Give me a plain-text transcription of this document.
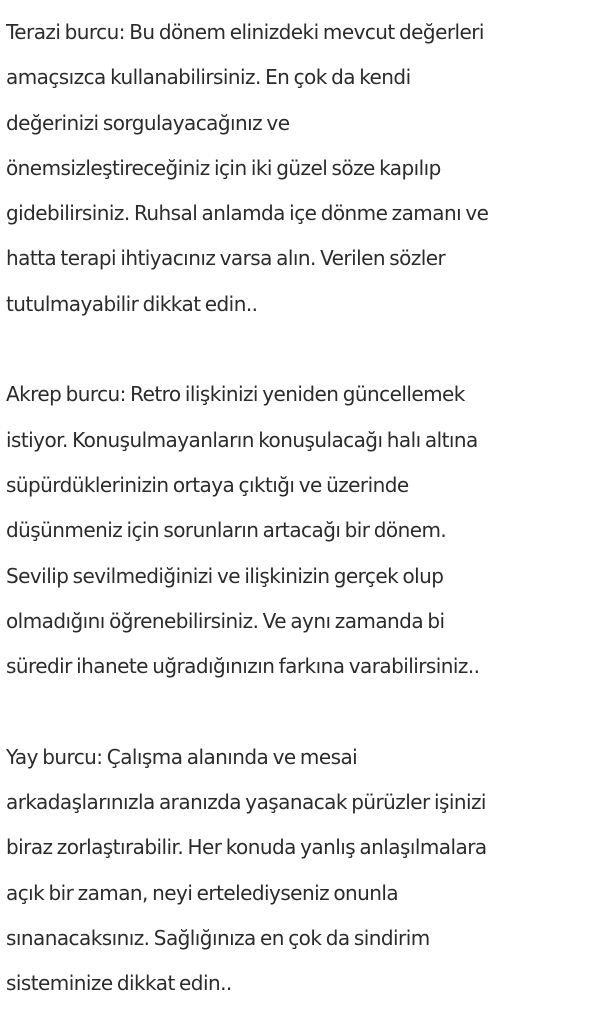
Terazi burcu: Bu dönem elinizdeki mevcut değerleri
amaçsızca kullanabilirsiniz. En çok da kendi
değerinizi sorgulayacağınız ve
önemsizleştireceğiniz için iki güzel söze kapılıp
gidebilirsiniz. Ruhsal anlamda içe dönme zamanı ve
hatta terapi ihtiyacınız varsa alın. Verilen sözler
tutulmayabilir dikkat edin..
Akrep burcu: Retro ilişkinizi yeniden güncellemek
istiyor. Konuşulmayanların konuşulacağı halı altına
süpürdüklerinizin ortaya çıktığı ve üzerinde
düşünmeniz için sorunların artacağı bir dönem.
Sevilip sevilmediğinizi ve ilişkinizin gerçek olup
olmadığını öğrenebilirsiniz. Ve aynı zamanda bi
süredir ihanete uğradığınızın farkına varabilirsiniz..
Yay burcu: Çalışma alanında ve mesai
arkadaşlarınızla aranızda yaşanacak pürüzler işinizi
biraz zorlaştırabilir. Her konuda yanlış anlaşılmalara
açık bir zaman, neyi ertelediyseniz onunla
sınanacaksınız. Sağlığınıza en çok da sindirim
sisteminize dikkat edin..
